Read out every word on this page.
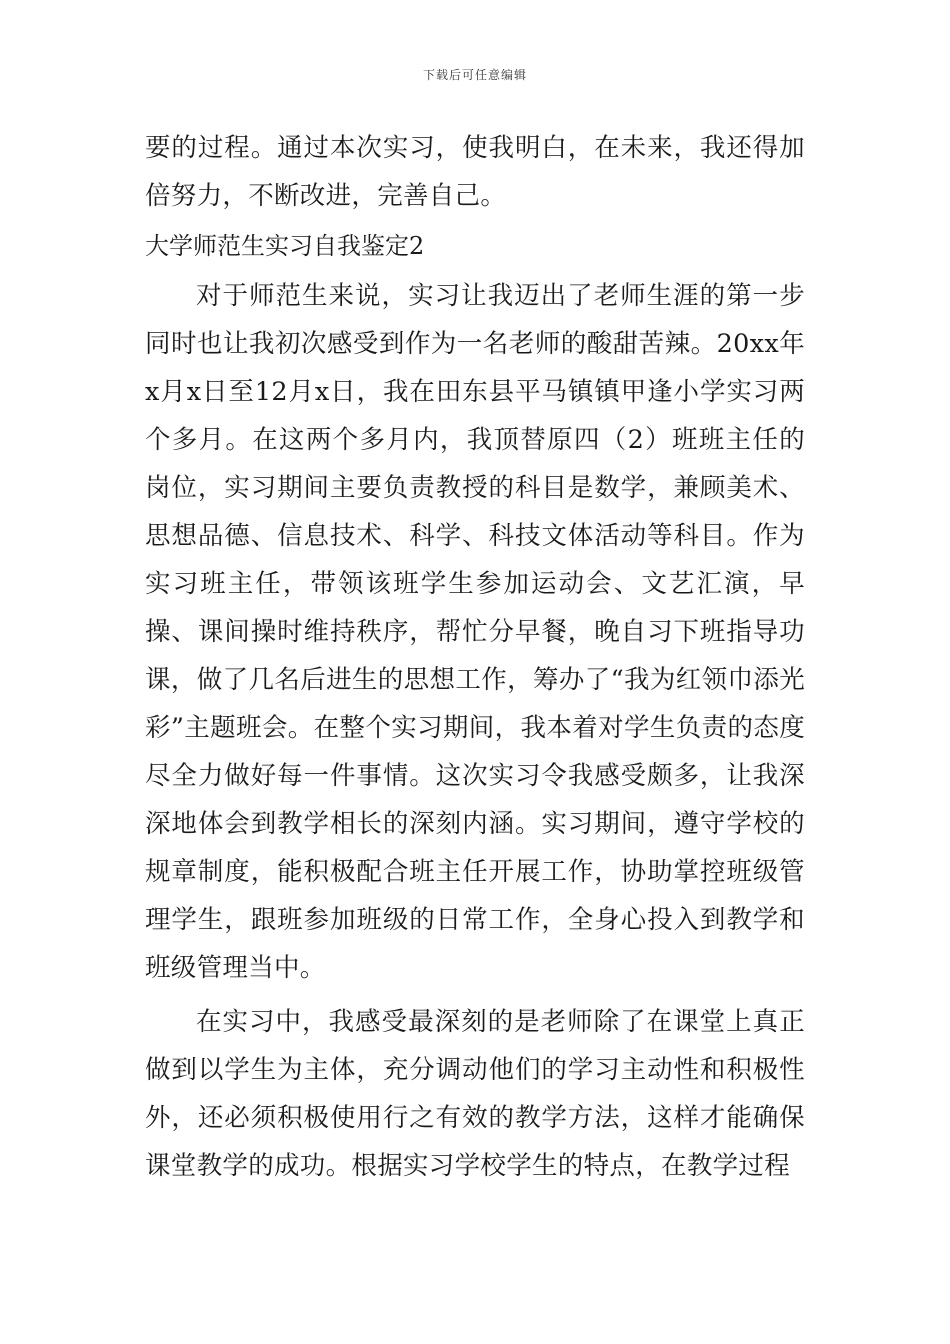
下载后可任意编辑

要的过程。通过本次实习，使我明白，在未来，我还得加倍努力，不断改进，完善自己。

大学师范生实习自我鉴定2

对于师范生来说，实习让我迈出了老师生涯的第一步同时也让我初次感受到作为一名老师的酸甜苦辣。20xx年x月x日至12月x日，我在田东县平马镇镇甲逢小学实习两个多月。在这两个多月内，我顶替原四（2）班班主任的岗位，实习期间主要负责教授的科目是数学，兼顾美术、思想品德、信息技术、科学、科技文体活动等科目。作为实习班主任，带领该班学生参加运动会、文艺汇演，早操、课间操时维持秩序，帮忙分早餐，晚自习下班指导功课，做了几名后进生的思想工作，筹办了“我为红领巾添光彩”主题班会。在整个实习期间，我本着对学生负责的态度尽全力做好每一件事情。这次实习令我感受颇多，让我深深地体会到教学相长的深刻内涵。实习期间，遵守学校的规章制度，能积极配合班主任开展工作，协助掌控班级管理学生，跟班参加班级的日常工作，全身心投入到教学和班级管理当中。

在实习中，我感受最深刻的是老师除了在课堂上真正做到以学生为主体，充分调动他们的学习主动性和积极性外，还必须积极使用行之有效的教学方法，这样才能确保课堂教学的成功。根据实习学校学生的特点，在教学过程
